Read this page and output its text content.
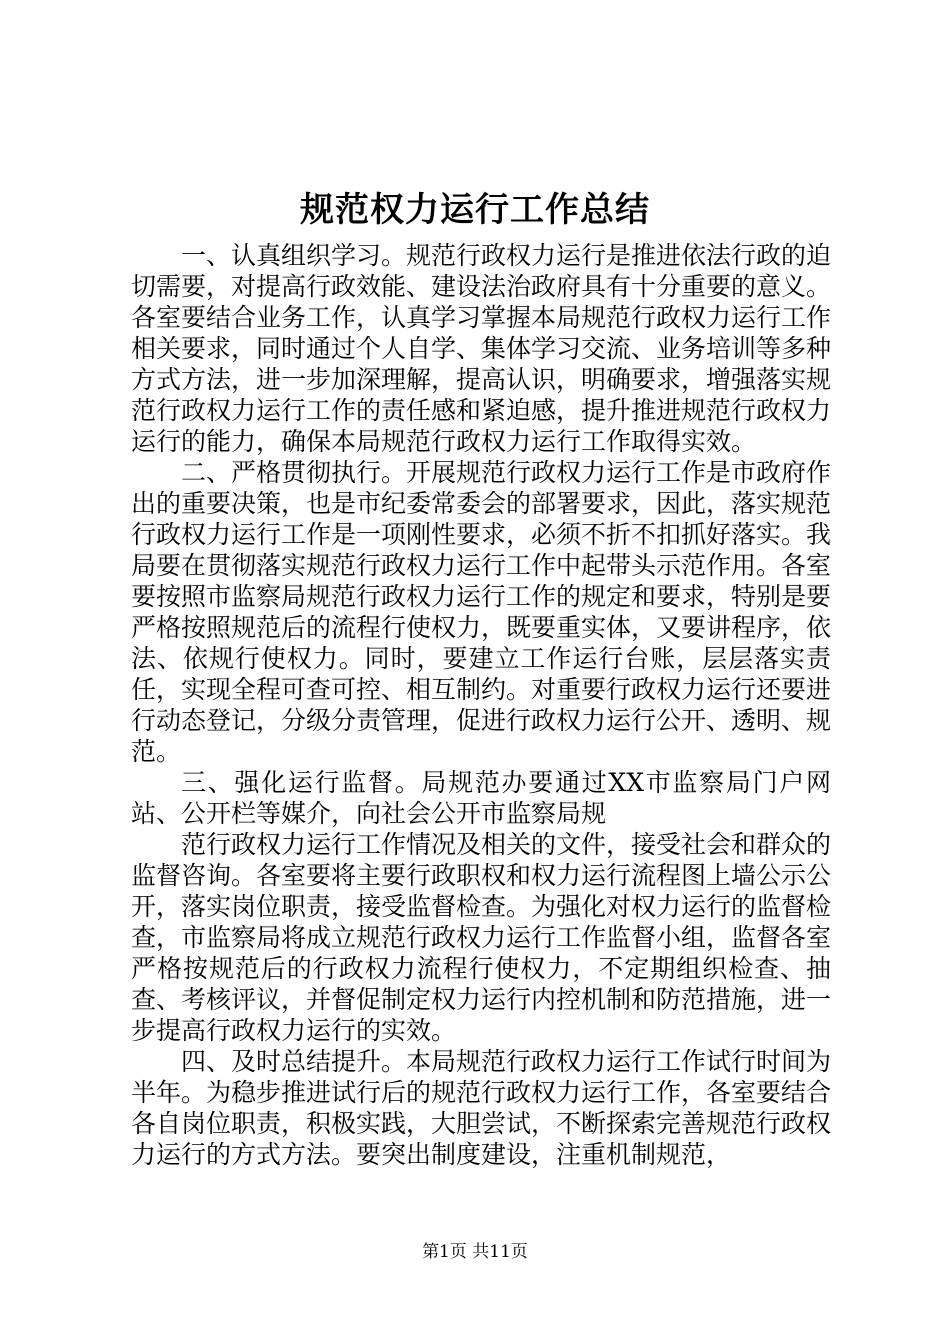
规范权力运行工作总结

一、认真组织学习。规范行政权力运行是推进依法行政的迫切需要，对提高行政效能、建设法治政府具有十分重要的意义。各室要结合业务工作，认真学习掌握本局规范行政权力运行工作相关要求，同时通过个人自学、集体学习交流、业务培训等多种方式方法，进一步加深理解，提高认识，明确要求，增强落实规范行政权力运行工作的责任感和紧迫感，提升推进规范行政权力运行的能力，确保本局规范行政权力运行工作取得实效。

二、严格贯彻执行。开展规范行政权力运行工作是市政府作出的重要决策，也是市纪委常委会的部署要求，因此，落实规范行政权力运行工作是一项刚性要求，必须不折不扣抓好落实。我局要在贯彻落实规范行政权力运行工作中起带头示范作用。各室要按照市监察局规范行政权力运行工作的规定和要求，特别是要严格按照规范后的流程行使权力，既要重实体，又要讲程序，依法、依规行使权力。同时，要建立工作运行台账，层层落实责任，实现全程可查可控、相互制约。对重要行政权力运行还要进行动态登记，分级分责管理，促进行政权力运行公开、透明、规范。

三、强化运行监督。局规范办要通过XX市监察局门户网站、公开栏等媒介，向社会公开市监察局规

范行政权力运行工作情况及相关的文件，接受社会和群众的监督咨询。各室要将主要行政职权和权力运行流程图上墙公示公开，落实岗位职责，接受监督检查。为强化对权力运行的监督检查，市监察局将成立规范行政权力运行工作监督小组，监督各室严格按规范后的行政权力流程行使权力，不定期组织检查、抽查、考核评议，并督促制定权力运行内控机制和防范措施，进一步提高行政权力运行的实效。

四、及时总结提升。本局规范行政权力运行工作试行时间为半年。为稳步推进试行后的规范行政权力运行工作，各室要结合各自岗位职责，积极实践，大胆尝试，不断探索完善规范行政权力运行的方式方法。要突出制度建设，注重机制规范，

第1页 共11页
